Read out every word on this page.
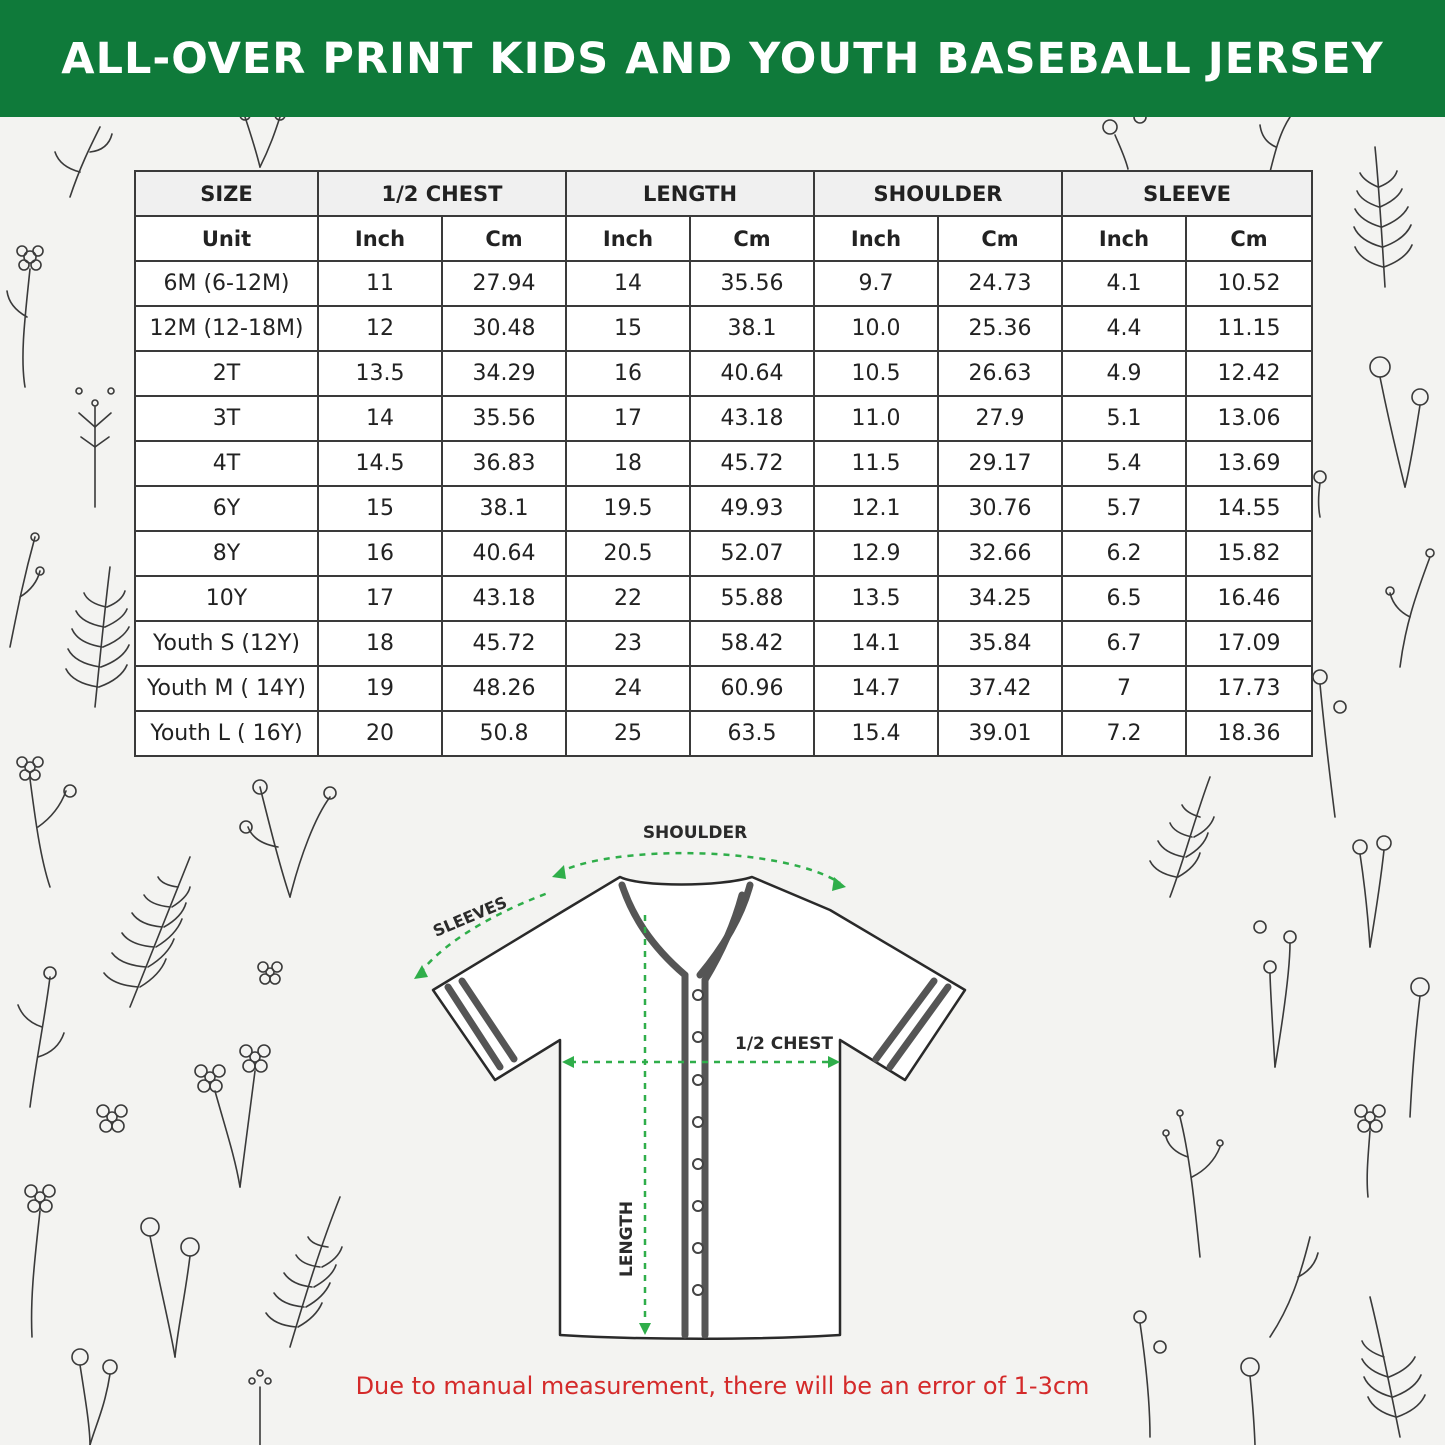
ALL-OVER PRINT KIDS AND YOUTH BASEBALL JERSEY
SIZE	1/2 CHEST		LENGTH		SHOULDER		SLEEVE	
Unit	Inch	Cm	Inch	Cm	Inch	Cm	Inch	Cm
6M (6-12M)	11	27.94	14	35.56	9.7	24.73	4.1	10.52
12M (12-18M)	12	30.48	15	38.1	10.0	25.36	4.4	11.15
2T	13.5	34.29	16	40.64	10.5	26.63	4.9	12.42
3T	14	35.56	17	43.18	11.0	27.9	5.1	13.06
4T	14.5	36.83	18	45.72	11.5	29.17	5.4	13.69
6Y	15	38.1	19.5	49.93	12.1	30.76	5.7	14.55
8Y	16	40.64	20.5	52.07	12.9	32.66	6.2	15.82
10Y	17	43.18	22	55.88	13.5	34.25	6.5	16.46
Youth S (12Y)	18	45.72	23	58.42	14.1	35.84	6.7	17.09
Youth M ( 14Y)	19	48.26	24	60.96	14.7	37.42	7	17.73
Youth L ( 16Y)	20	50.8	25	63.5	15.4	39.01	7.2	18.36
SHOULDER
SLEEVES
1/2 CHEST
LENGTH
Due to manual measurement, there will be an error of 1-3cm
